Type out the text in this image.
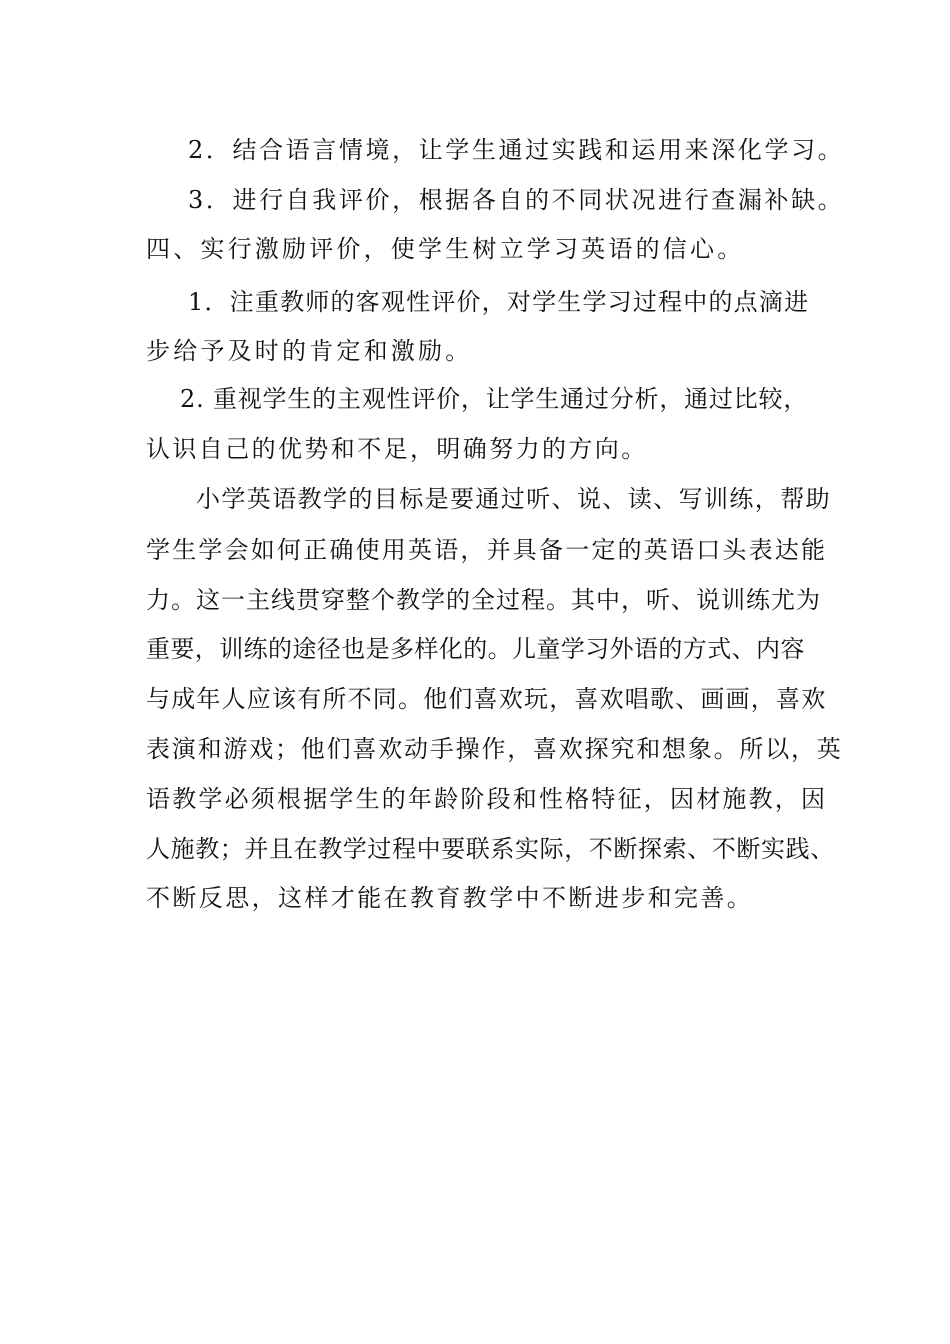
2．结合语言情境，让学生通过实践和运用来深化学习。
3．进行自我评价，根据各自的不同状况进行查漏补缺。
四、实行激励评价，使学生树立学习英语的信心。
1．注重教师的客观性评价，对学生学习过程中的点滴进
步给予及时的肯定和激励。
2. 重视学生的主观性评价，让学生通过分析，通过比较，
认识自己的优势和不足，明确努力的方向。
小学英语教学的目标是要通过听、说、读、写训练，帮助
学生学会如何正确使用英语，并具备一定的英语口头表达能
力。这一主线贯穿整个教学的全过程。其中，听、说训练尤为
重要，训练的途径也是多样化的。儿童学习外语的方式、内容
与成年人应该有所不同。他们喜欢玩，喜欢唱歌、画画，喜欢
表演和游戏；他们喜欢动手操作，喜欢探究和想象。所以，英
语教学必须根据学生的年龄阶段和性格特征，因材施教，因
人施教；并且在教学过程中要联系实际，不断探索、不断实践、
不断反思，这样才能在教育教学中不断进步和完善。
